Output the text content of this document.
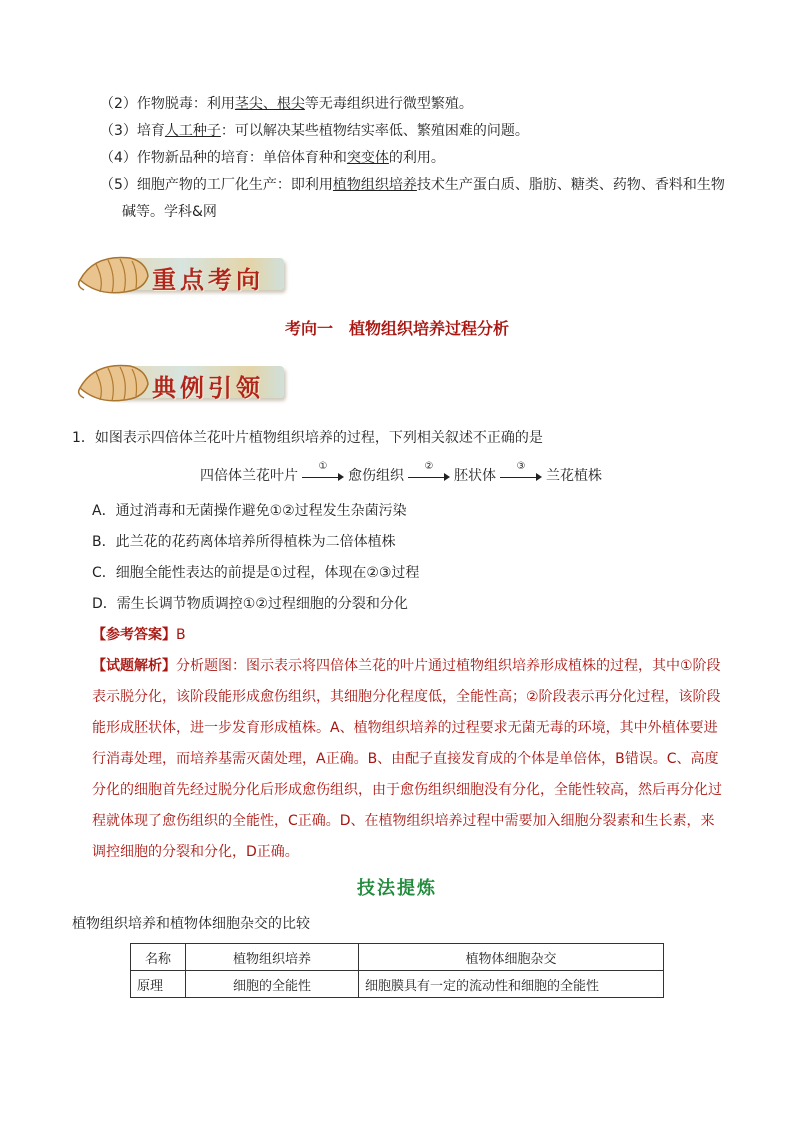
（2）作物脱毒：利用茎尖、根尖等无毒组织进行微型繁殖。
（3）培育人工种子：可以解决某些植物结实率低、繁殖困难的问题。
（4）作物新品种的培育：单倍体育种和突变体的利用。
（5）细胞产物的工厂化生产：即利用植物组织培养技术生产蛋白质、脂肪、糖类、药物、香料和生物
碱等。学科&网
重点考向
考向一　植物组织培养过程分析
典例引领
1．如图表示四倍体兰花叶片植物组织培养的过程，下列相关叙述不正确的是
四倍体兰花叶片
①
愈伤组织
②
胚状体
③
兰花植株
A．通过消毒和无菌操作避免①②过程发生杂菌污染
B．此兰花的花药离体培养所得植株为二倍体植株
C．细胞全能性表达的前提是①过程，体现在②③过程
D．需生长调节物质调控①②过程细胞的分裂和分化
【参考答案】B
【试题解析】分析题图：图示表示将四倍体兰花的叶片通过植物组织培养形成植株的过程，其中①阶段
表示脱分化，该阶段能形成愈伤组织，其细胞分化程度低，全能性高；②阶段表示再分化过程，该阶段
能形成胚状体，进一步发育形成植株。A、植物组织培养的过程要求无菌无毒的环境，其中外植体要进
行消毒处理，而培养基需灭菌处理，A正确。B、由配子直接发育成的个体是单倍体，B错误。C、高度
分化的细胞首先经过脱分化后形成愈伤组织，由于愈伤组织细胞没有分化，全能性较高，然后再分化过
程就体现了愈伤组织的全能性，C正确。D、在植物组织培养过程中需要加入细胞分裂素和生长素，来
调控细胞的分裂和分化，D正确。
技法提炼
植物组织培养和植物体细胞杂交的比较
名称	植物组织培养	植物体细胞杂交
原理	细胞的全能性	细胞膜具有一定的流动性和细胞的全能性
